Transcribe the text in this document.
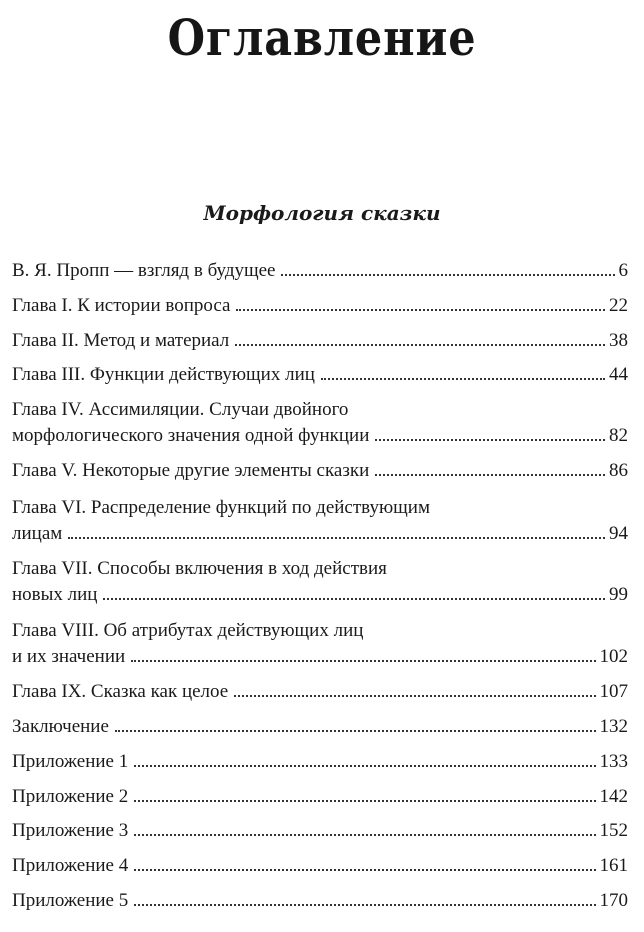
Оглавление
Морфология сказки
В. Я. Пропп — взгляд в будущее	6
Глава I. К истории вопроса	22
Глава II. Метод и материал	38
Глава III. Функции действующих лиц	44
Глава IV. Ассимиляции. Случаи двойного
морфологического значения одной функции	82
Глава V. Некоторые другие элементы сказки	86
Глава VI. Распределение функций по действующим
лицам	94
Глава VII. Способы включения в ход действия
новых лиц	99
Глава VIII. Об атрибутах действующих лиц
и их значении	102
Глава IX. Сказка как целое	107
Заключение	132
Приложение 1	133
Приложение 2	142
Приложение 3	152
Приложение 4	161
Приложение 5	170
